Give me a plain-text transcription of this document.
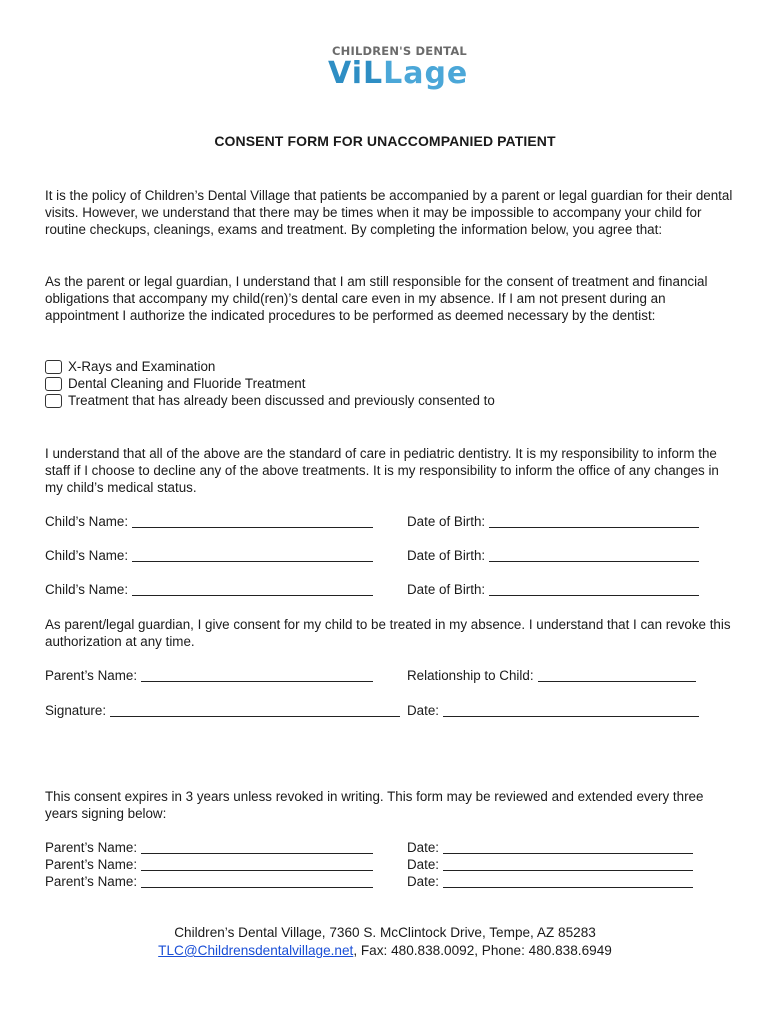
CHILDREN'S DENTAL
ViLLage
CONSENT FORM FOR UNACCOMPANIED PATIENT
It is the policy of Children’s Dental Village that patients be accompanied by a parent or legal guardian for their dental visits. However, we understand that there may be times when it may be impossible to accompany your child for routine checkups, cleanings, exams and treatment. By completing the information below, you agree that:
As the parent or legal guardian, I understand that I am still responsible for the consent of treatment and financial obligations that accompany my child(ren)’s dental care even in my absence. If I am not present during an appointment I authorize the indicated procedures to be performed as deemed necessary by the dentist:
X-Rays and Examination
Dental Cleaning and Fluoride Treatment
Treatment that has already been discussed and previously consented to
I understand that all of the above are the standard of care in pediatric dentistry. It is my responsibility to inform the staff if I choose to decline any of the above treatments. It is my responsibility to inform the office of any changes in my child’s medical status.
Child’s Name:	Date of Birth:
Child’s Name:	Date of Birth:
Child’s Name:	Date of Birth:
As parent/legal guardian, I give consent for my child to be treated in my absence. I understand that I can revoke this authorization at any time.
Parent’s Name:	Relationship to Child:
Signature:	Date:
This consent expires in 3 years unless revoked in writing. This form may be reviewed and extended every three years signing below:
Parent’s Name:	Date:
Parent’s Name:	Date:
Parent’s Name:	Date:
Children’s Dental Village, 7360 S. McClintock Drive, Tempe, AZ 85283
TLC@Childrensdentalvillage.net, Fax: 480.838.0092, Phone: 480.838.6949
